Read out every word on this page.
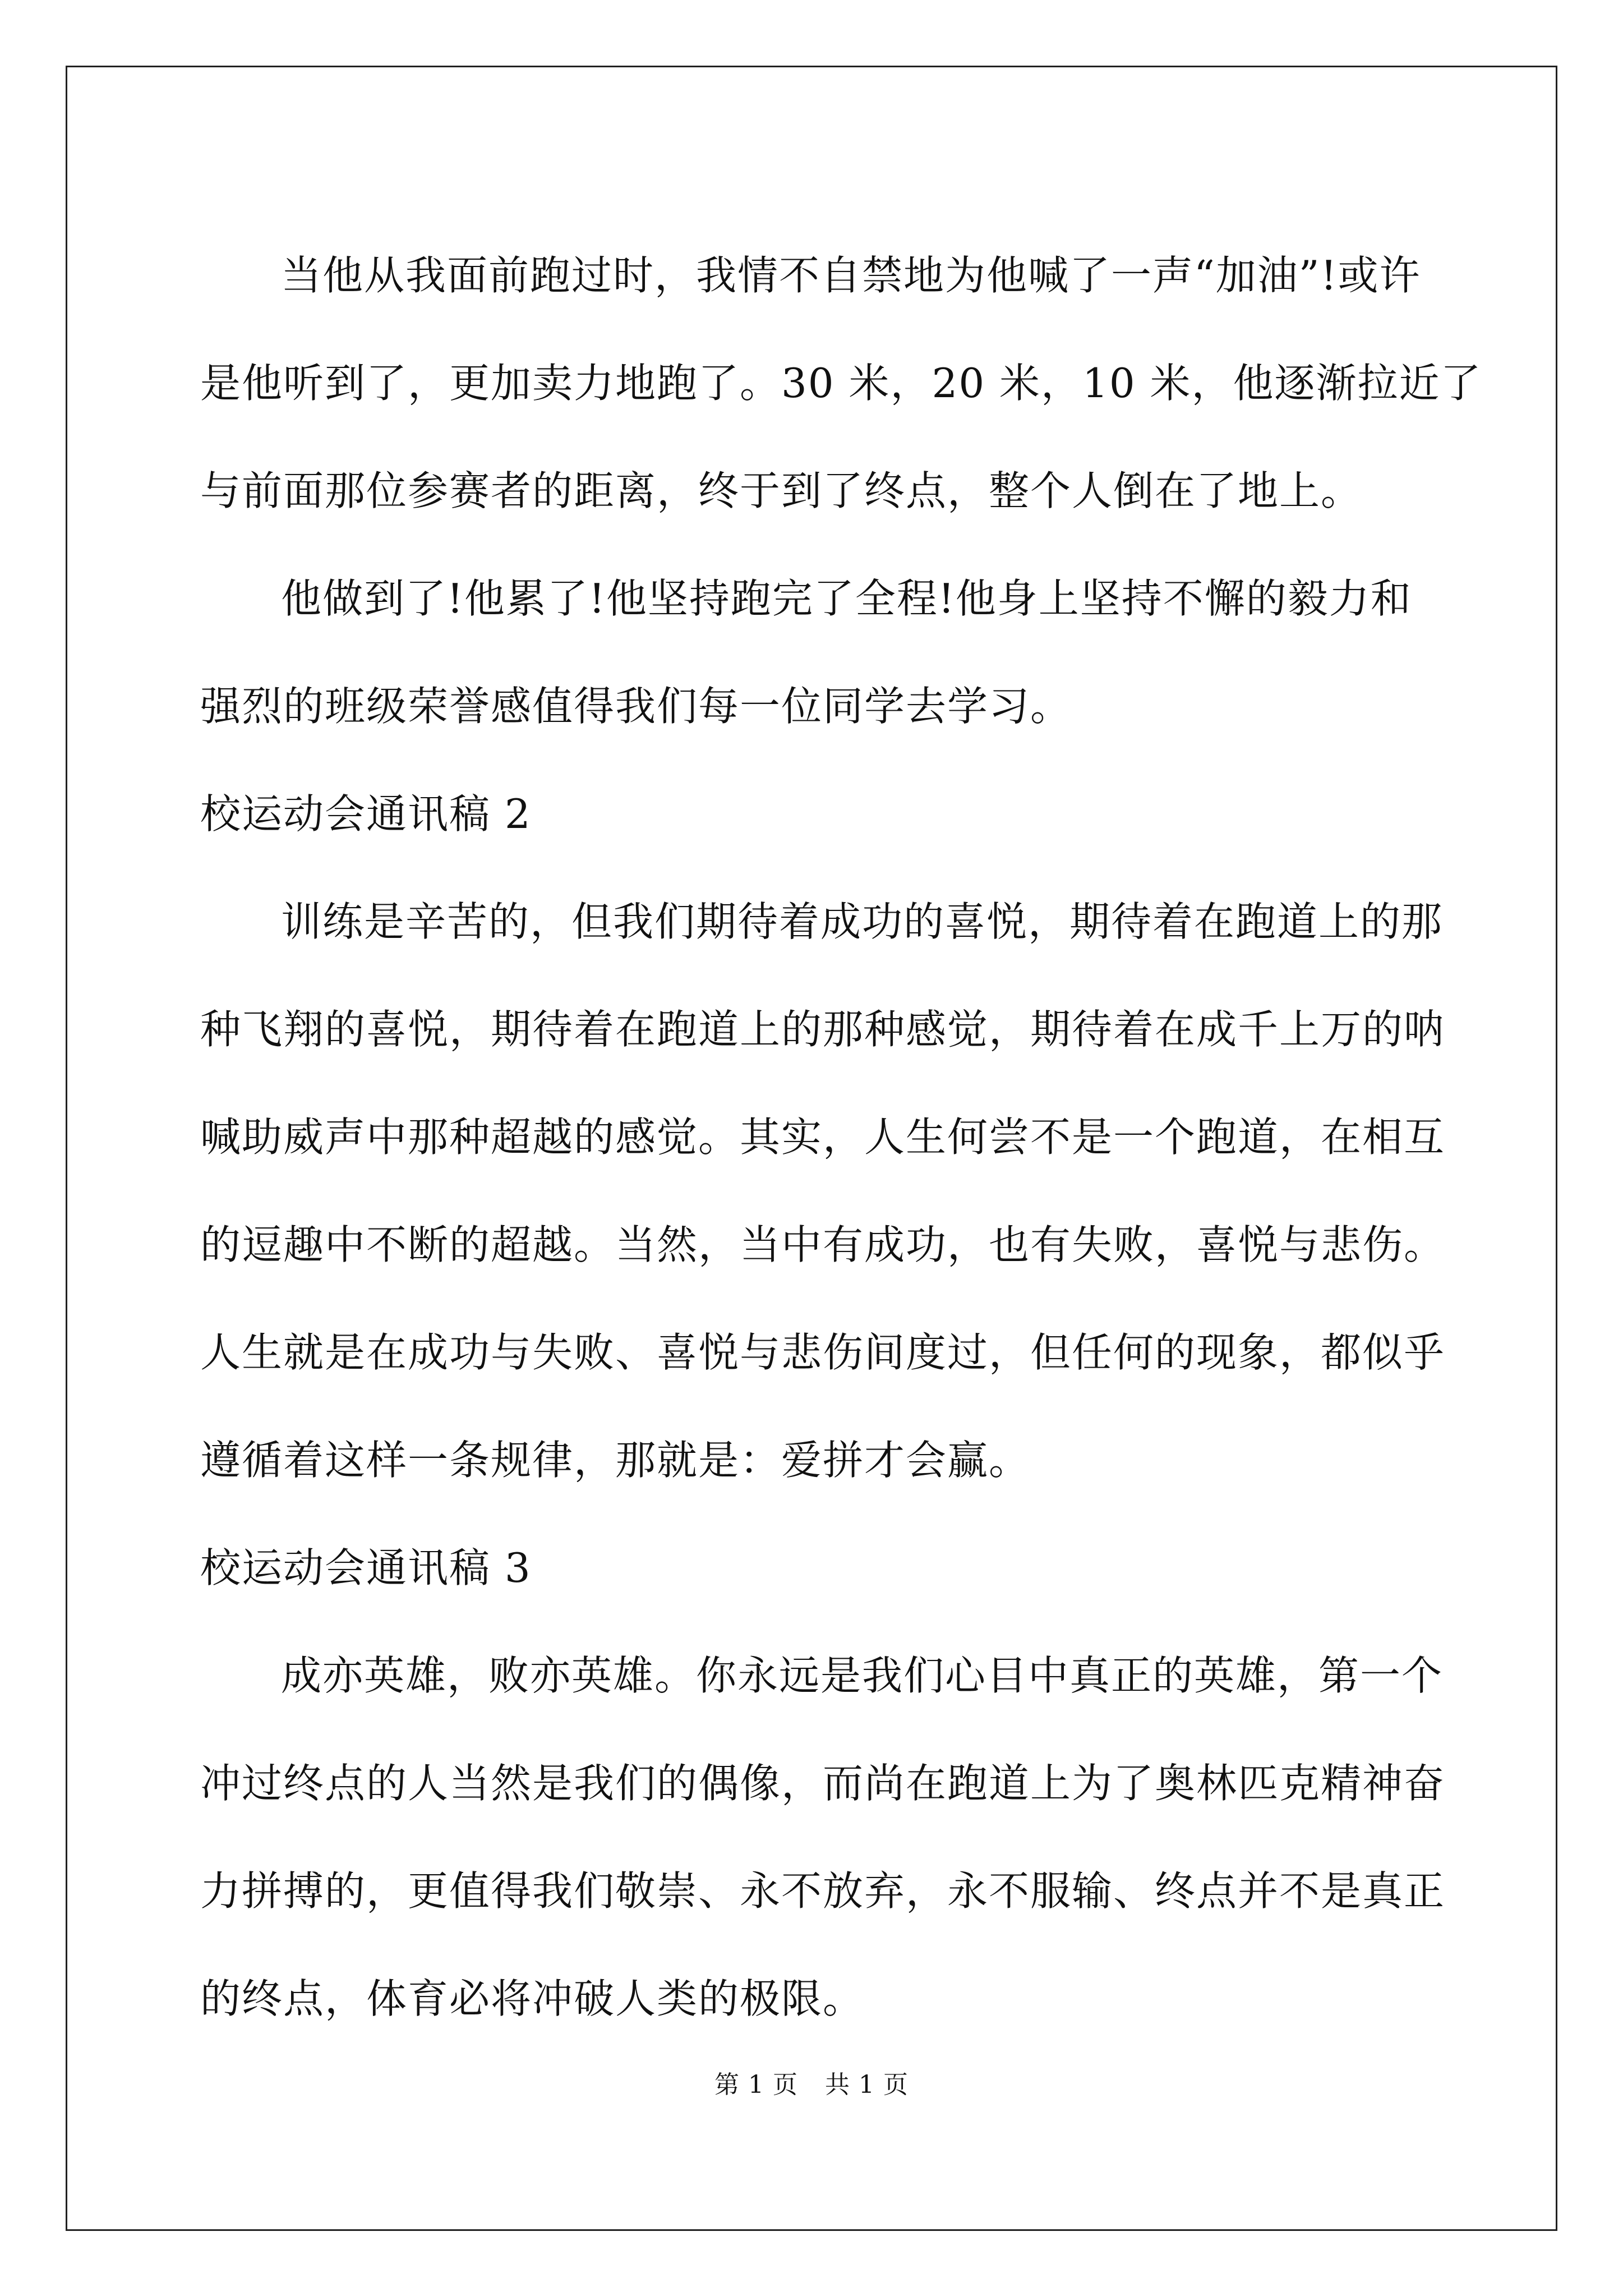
当他从我面前跑过时，我情不自禁地为他喊了一声“加油”!或许
是他听到了，更加卖力地跑了。30 米，20 米，10 米，他逐渐拉近了
与前面那位参赛者的距离，终于到了终点，整个人倒在了地上。

他做到了!他累了!他坚持跑完了全程!他身上坚持不懈的毅力和
强烈的班级荣誉感值得我们每一位同学去学习。

校运动会通讯稿 2

训练是辛苦的，但我们期待着成功的喜悦，期待着在跑道上的那
种飞翔的喜悦，期待着在跑道上的那种感觉，期待着在成千上万的呐
喊助威声中那种超越的感觉。其实，人生何尝不是一个跑道，在相互
的逗趣中不断的超越。当然，当中有成功，也有失败，喜悦与悲伤。
人生就是在成功与失败、喜悦与悲伤间度过，但任何的现象，都似乎
遵循着这样一条规律，那就是：爱拼才会赢。

校运动会通讯稿 3

成亦英雄，败亦英雄。你永远是我们心目中真正的英雄，第一个
冲过终点的人当然是我们的偶像，而尚在跑道上为了奥林匹克精神奋
力拼搏的，更值得我们敬崇、永不放弃，永不服输、终点并不是真正
的终点，体育必将冲破人类的极限。

第 1 页 共 1 页
